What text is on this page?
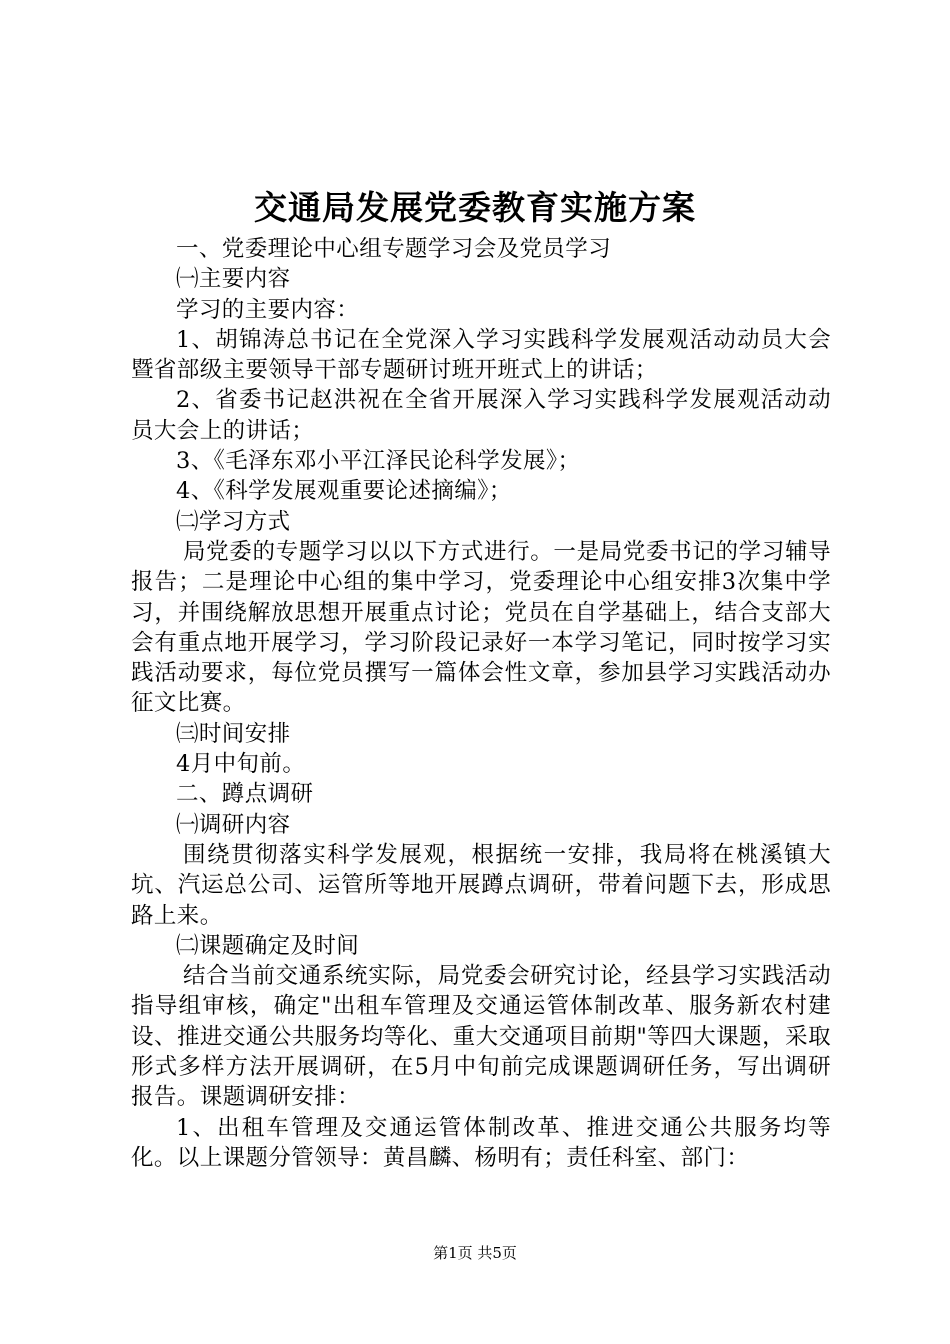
交通局发展党委教育实施方案

一、党委理论中心组专题学习会及党员学习

㈠主要内容

学习的主要内容：

1、胡锦涛总书记在全党深入学习实践科学发展观活动动员大会暨省部级主要领导干部专题研讨班开班式上的讲话；

2、省委书记赵洪祝在全省开展深入学习实践科学发展观活动动员大会上的讲话；

3、《毛泽东邓小平江泽民论科学发展》；

4、《科学发展观重要论述摘编》；

㈡学习方式

局党委的专题学习以以下方式进行。一是局党委书记的学习辅导报告；二是理论中心组的集中学习，党委理论中心组安排3次集中学习，并围绕解放思想开展重点讨论；党员在自学基础上，结合支部大会有重点地开展学习，学习阶段记录好一本学习笔记，同时按学习实践活动要求，每位党员撰写一篇体会性文章，参加县学习实践活动办征文比赛。

㈢时间安排

4月中旬前。

二、蹲点调研

㈠调研内容

围绕贯彻落实科学发展观，根据统一安排，我局将在桃溪镇大坑、汽运总公司、运管所等地开展蹲点调研，带着问题下去，形成思路上来。

㈡课题确定及时间

结合当前交通系统实际，局党委会研究讨论，经县学习实践活动指导组审核，确定"出租车管理及交通运管体制改革、服务新农村建设、推进交通公共服务均等化、重大交通项目前期"等四大课题，采取形式多样方法开展调研，在5月中旬前完成课题调研任务，写出调研报告。课题调研安排：

1、出租车管理及交通运管体制改革、推进交通公共服务均等化。以上课题分管领导：黄昌麟、杨明有；责任科室、部门：

第1页 共5页
